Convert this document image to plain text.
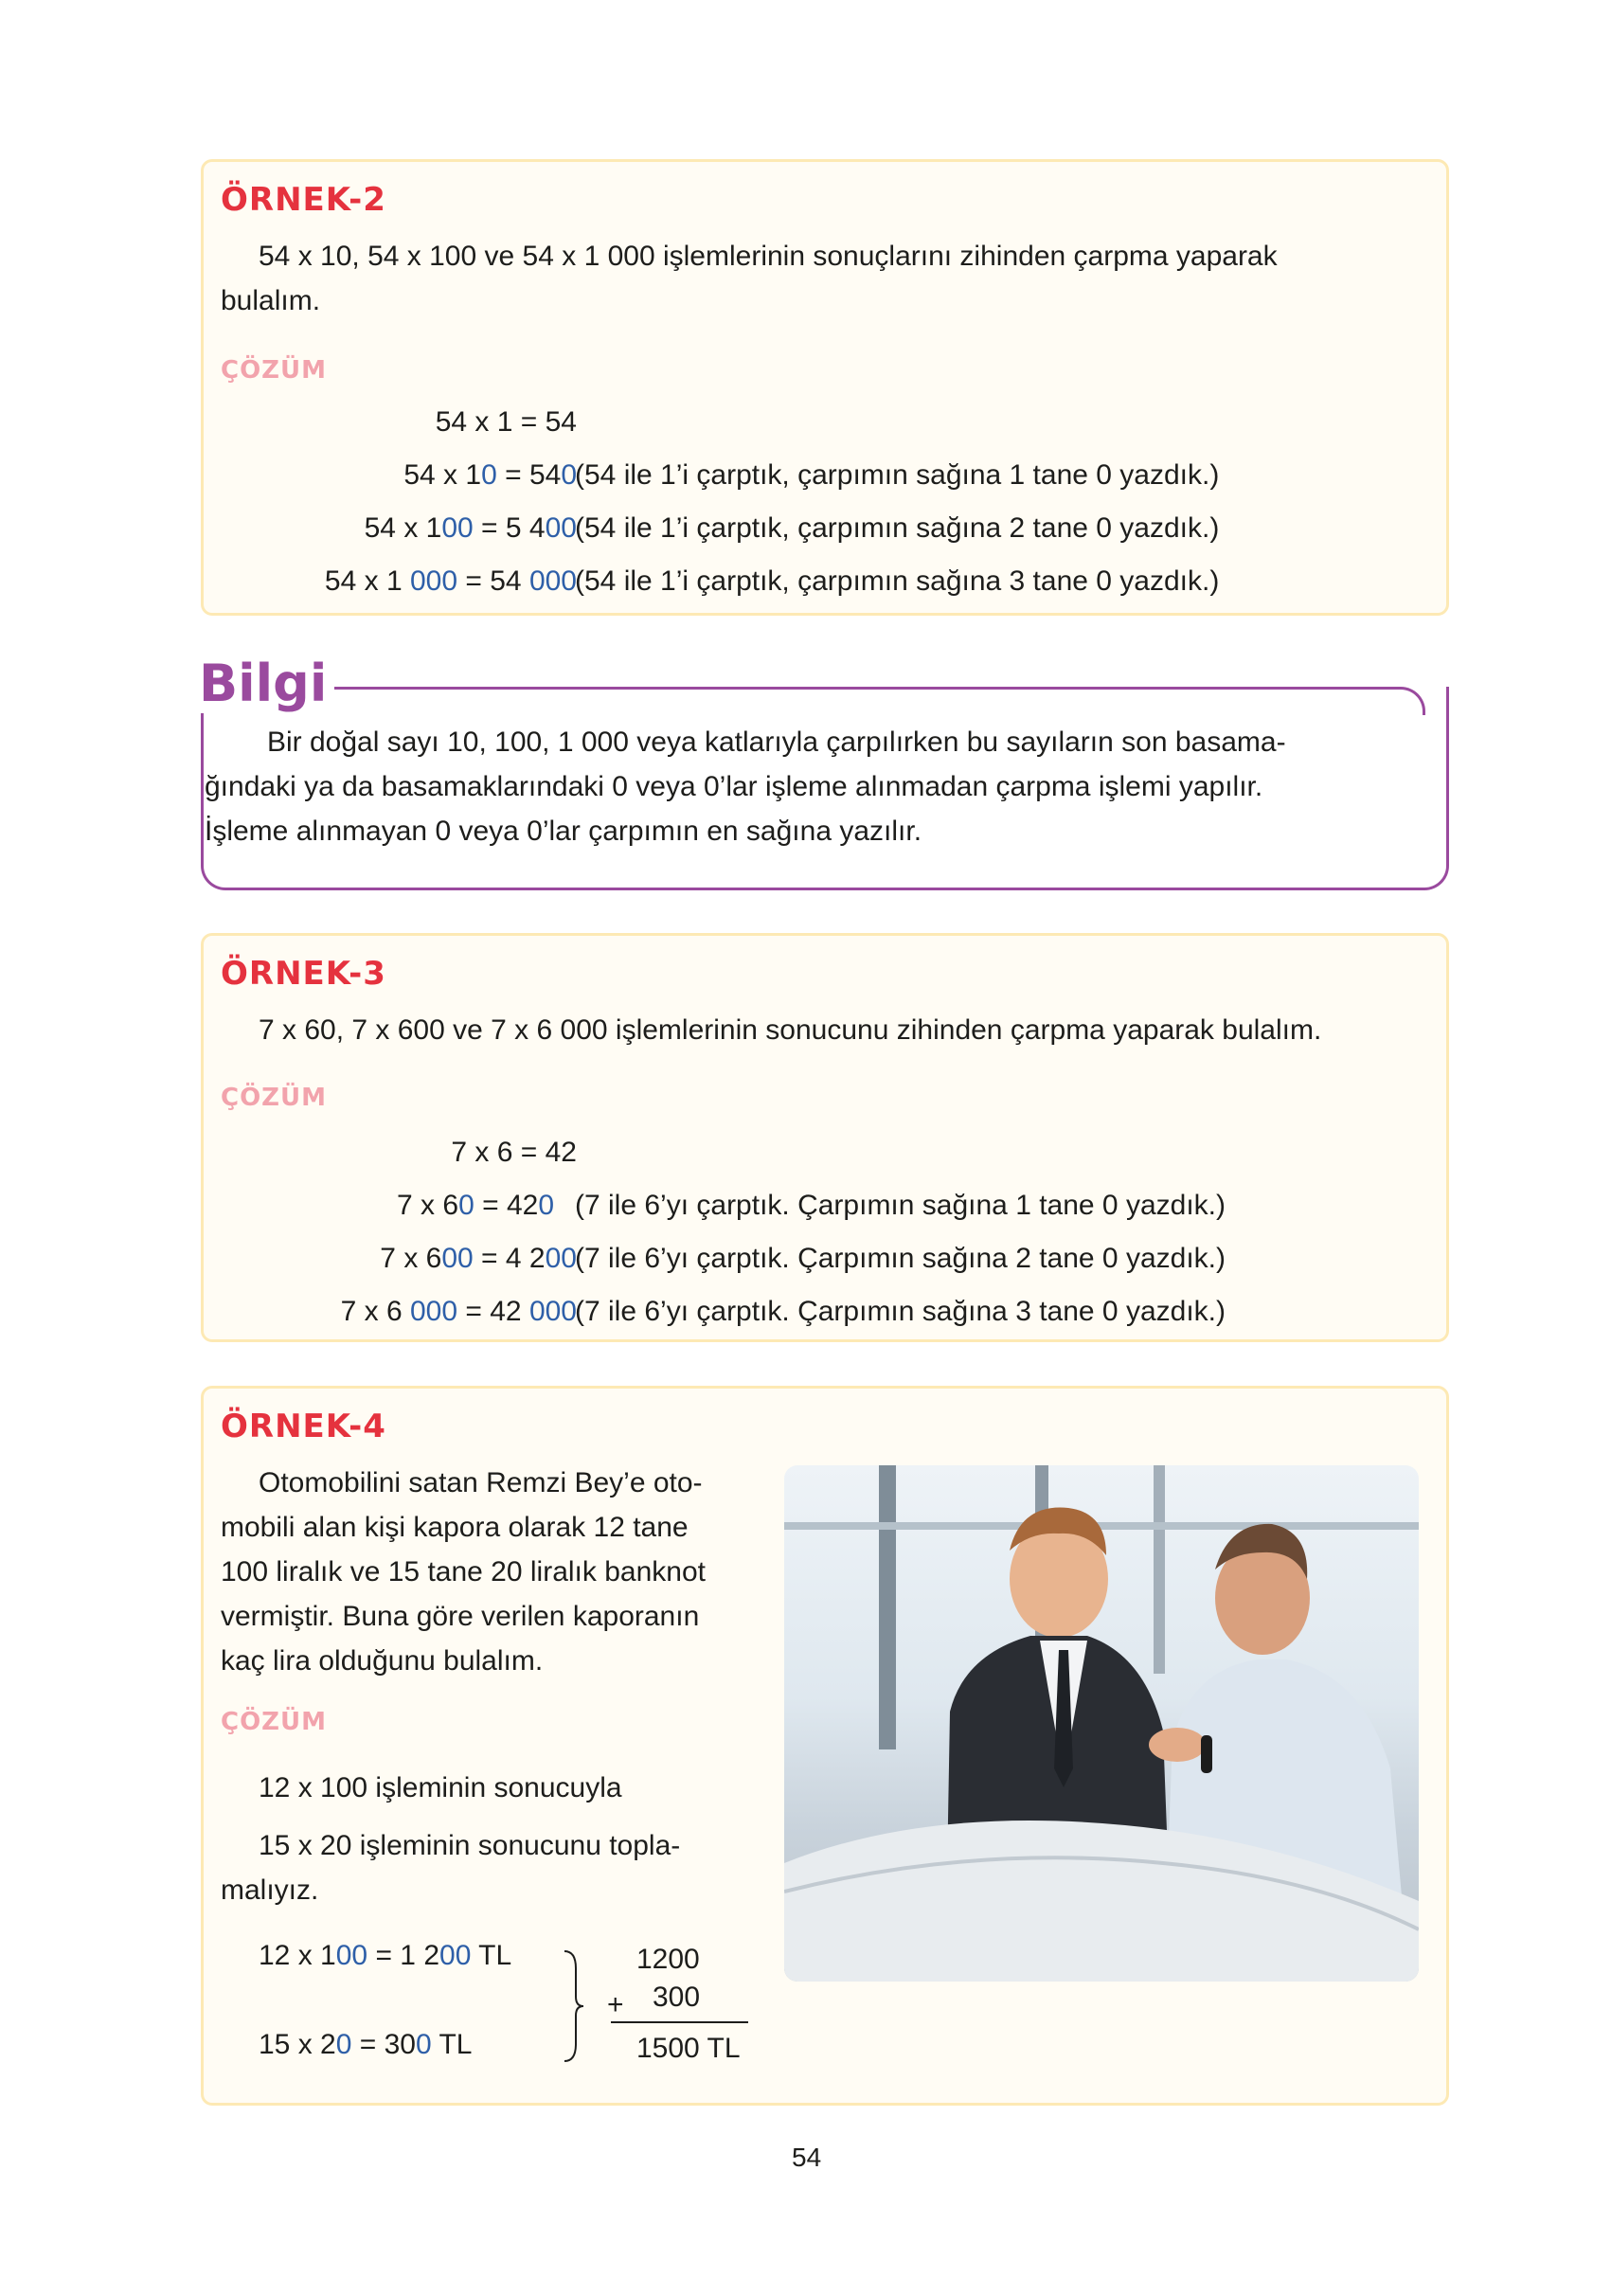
ÖRNEK-2
54 x 10, 54 x 100 ve 54 x 1 000 işlemlerinin sonuçlarını zihinden çarpma yaparak
bulalım.
ÇÖZÜM
54 x 1 = 54
54 x 10 = 540
(54 ile 1’i çarptık, çarpımın sağına 1 tane 0 yazdık.)
54 x 100 = 5 400
(54 ile 1’i çarptık, çarpımın sağına 2 tane 0 yazdık.)
54 x 1 000 = 54 000
(54 ile 1’i çarptık, çarpımın sağına 3 tane 0 yazdık.)
Bilgi
Bir doğal sayı 10, 100, 1 000 veya katlarıyla çarpılırken bu sayıların son basama-
ğındaki ya da basamaklarındaki 0 veya 0’lar işleme alınmadan çarpma işlemi yapılır.
İşleme alınmayan 0 veya 0’lar çarpımın en sağına yazılır.
ÖRNEK-3
7 x 60, 7 x 600 ve 7 x 6 000 işlemlerinin sonucunu zihinden çarpma yaparak bulalım.
ÇÖZÜM
7 x 6 = 42
7 x 60 = 420 (7 ile 6’yı çarptık. Çarpımın sağına 1 tane 0 yazdık.)
7 x 600 = 4 200
(7 ile 6’yı çarptık. Çarpımın sağına 2 tane 0 yazdık.)
7 x 6 000 = 42 000
(7 ile 6’yı çarptık. Çarpımın sağına 3 tane 0 yazdık.)
ÖRNEK-4
Otomobilini satan Remzi Bey’e oto-
mobili alan kişi kapora olarak 12 tane
100 liralık ve 15 tane 20 liralık banknot
vermiştir. Buna göre verilen kaporanın
kaç lira olduğunu bulalım.
ÇÖZÜM
12 x 100 işleminin sonucuyla
15 x 20 işleminin sonucunu topla-
malıyız.
12 x 100 = 1 200 TL
15 x 20 = 300 TL
1200
+ 300
1500 TL
54
